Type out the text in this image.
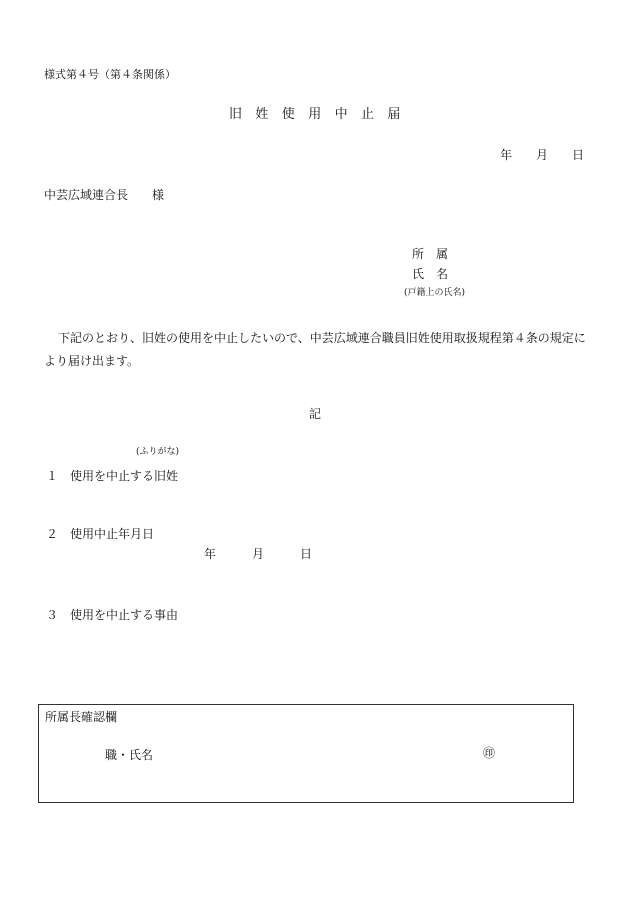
様式第４号（第４条関係）
旧　姓　使　用　中　止　届
年　　月　　日
中芸広域連合長　　様
所　属
氏　名
(戸籍上の氏名)
下記のとおり、旧姓の使用を中止したいので、中芸広域連合職員旧姓使用取扱規程第４条の規定により届け出ます。
記
(ふりがな)
１　使用を中止する旧姓
２　使用中止年月日
年　　　月　　　日
３　使用を中止する事由
所属長確認欄
職・氏名	㊞
